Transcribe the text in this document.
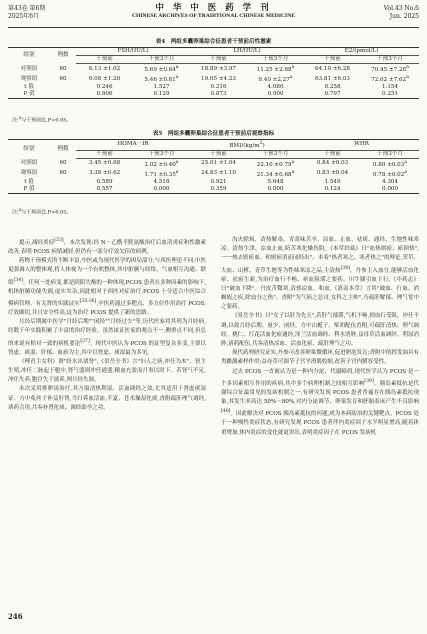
第43卷 第6期
2025年6月
中 华 中 医 药 学 刊
CHINESE ARCHIVES OF TRADITIONAL CHINESE MEDICINE
Vol.43 No.6
Jun. 2025
表4　两组多囊卵巢综合征患者干预前后性激素
组别	例数	FSH/(IU/L)		LH/(IU/L)		E2/(pmol/L)	
		干预前	干预3个月	干预前	干预3个月	干预前	干预3个月
对照组	60	6.13 ±1.02	5.69 ±0.84$^a$	18.89 ±3.97	11.25 ±2.68$^a$	64.10 ±6.28	70.45 ±7.28$^a$
观察组	60	6.08 ±1.20	5.46 ±0.81$^a$	19.05 ±4.23	9.40 ±2.27$^a$	63.81 ±6.03	72.02 ±7.62$^a$
t 值		0.246	1.527	0.216	4.080	0.258	1.154
P 值		0.806	0.129	0.873	0.000	0.797	0.251
注:$^a$与干预前比,P<0.05。
表5　两组多囊卵巢综合征患者干预前后观察指标
组别	例数	HOMA－IR		BMI/$(kg/m^2)$		WHR	
		干预前	干预3个月	干预前	干预3个月	干预前	干预3个月
对照组	60	3.45 ±0.68	2.02 ±0.40$^a$	25.01 ±1.04	22.10 ±0.79$^a$	0.84 ±0.03	0.80 ±0.03$^a$
观察组	60	3.38 ±0.62	1.71 ±0.35$^a$	24.83 ±1.10	21.34 ±0.68$^a$	0.83 ±0.04	0.78 ±0.02$^a$
t 值		0.589	4.518	0.921	5.648	1.549	4.304
P 值		0.557	0.000	0.359	0.000	0.124	0.000
注:$^a$与干预前比,P<0.05。

提示,减轻炎症[33]。本次发现:经 N－乙酰半胱氨酸治疗后血清炎症和性激素改善,表明 PCOS 病情减轻,但仍有一部分疗效欠佳的病例。

药物干预模式的不断丰富,中医或为现代医学的困局部分,与西医理论不同,中医更强调人的整体观,将人体视为一个有机整体,其中脏腑与经络、气血相互沟通、联络[34]。任何一处病变,都是阴阳失衡的一种体现,PCOS 患者在多种因素的影响下,机体脏腑功能失调,虚实夹杂,因此相对于西医对症治疗,PCOS 十分适合中医综合模病管理。有关肾的实践证实[35-36],中医药通过多靶点、多方位作用治疗 PCOS,疗效确切,并且安全性高,这为治疗 PCOS 提供了新的思路。

月经后期属中医学"月经后期""闭经""月经过少"等,历代医家将其列为月经病,经数千年实践积累了丰富的治疗经验。虽然该证医家的观点不一,侧重点不同,但总的来说有相对一致的病机要论[37]。现代中医认为 PCOS 的证型复杂多变,主要以肾虚、痰湿、肝郁、血瘀为主,其中以肾虚、痰湿最为多见。

《傅青主女科》谓"经水出诸肾",《景岳全书》言"妇人之病,冲任为本"。肾主生殖,冲任二脉起于胞中,肾气盛则冲任通盛,精血充盈而月事以时下。若肾气不足,冲任失养,胞宫失于濡养,则月经失调。

本次采用排卵汤治疗,其方取清热利湿、活血调经之效,尤其适用于肾虚痰湿证。方中菟丝子补益肝肾,当归养血活血,半夏、苍术燥湿化痰,香附疏肝理气调经,诸药合用,共奏补肾化痰、调经助孕之功。

沟火除烦、清热解毒。青蒿味苦辛、凉血、止血、祛痰、通经、生地性味寒凉、清热生津、凉血止血,防苦寒化燥伤阴。《本草经疏》曰"血热则瘀、瘀则热",一一热去则瘀血、和则瘀消而闭经出"。本着"热者寒之、寒者热之"的理论,荣草、大血、山楂、青草生地等为性味寒凉之品,主清热[38]。丹参主入血分,能够活血化瘀、祛瘀生新,为治疗血行不畅、瘀血阻滞之要药。川牛膝引血下行,《中药志》曰"破血下降"。丹皮苦微寒,清热凉血、和血,《滇南本草》言其"破血、行血、消癥瘕之疾,除血分之热"。香附"为气病之总司,女科之主帅",乃疏肝解郁、理气宽中之要药。

《景岳全书》曰"女子以肝为先天",若肝气郁滞,气机不畅,则血行受阻、冲任不调,以致月经后期、量少、闭经。方中山栀子、柴胡配伍香附,可疏肝清热、理气调经。桃仁、红花活血化瘀通经,泽兰活血调经、利水消肿,益母草活血调经、利尿消肿,诸药配伍,共奏清热凉血、活血化瘀、疏肝理气之功。

现代药理研究证实,丹参可改善卵巢微循环,促进卵泡发育;香附中的挥发油具有类雌激素样作用;益母草可调节子宫平滑肌收缩,改善子宫内膜容受性。

过去 PCOS 一直被认为是一种内分泌、代谢障碍,现代医学认为 PCOS 是一个多因素相互作用的疾病,其中多个病理机制之间相互影响[39]。胰岛素抵抗是代谢综合征最常见的发病机制之一,有研究发现 PCOS 患者普遍存在胰岛素抵抗现象,其发生率高达 50%～80%,对内分泌调节、卵巢发育和胚胎着床产生不良影响[40]。因此解决对 PCOS 胰岛素抵抗的问题,成为本病防治的关键靶点。PCOS 处于一种慢性炎症状态,有研究发现 PCOS 患者伴内炎症因子水平明显增高,随着体重增加,体内炎症的变化就更突出,表明炎症因子在 PCOS 发病机

246
